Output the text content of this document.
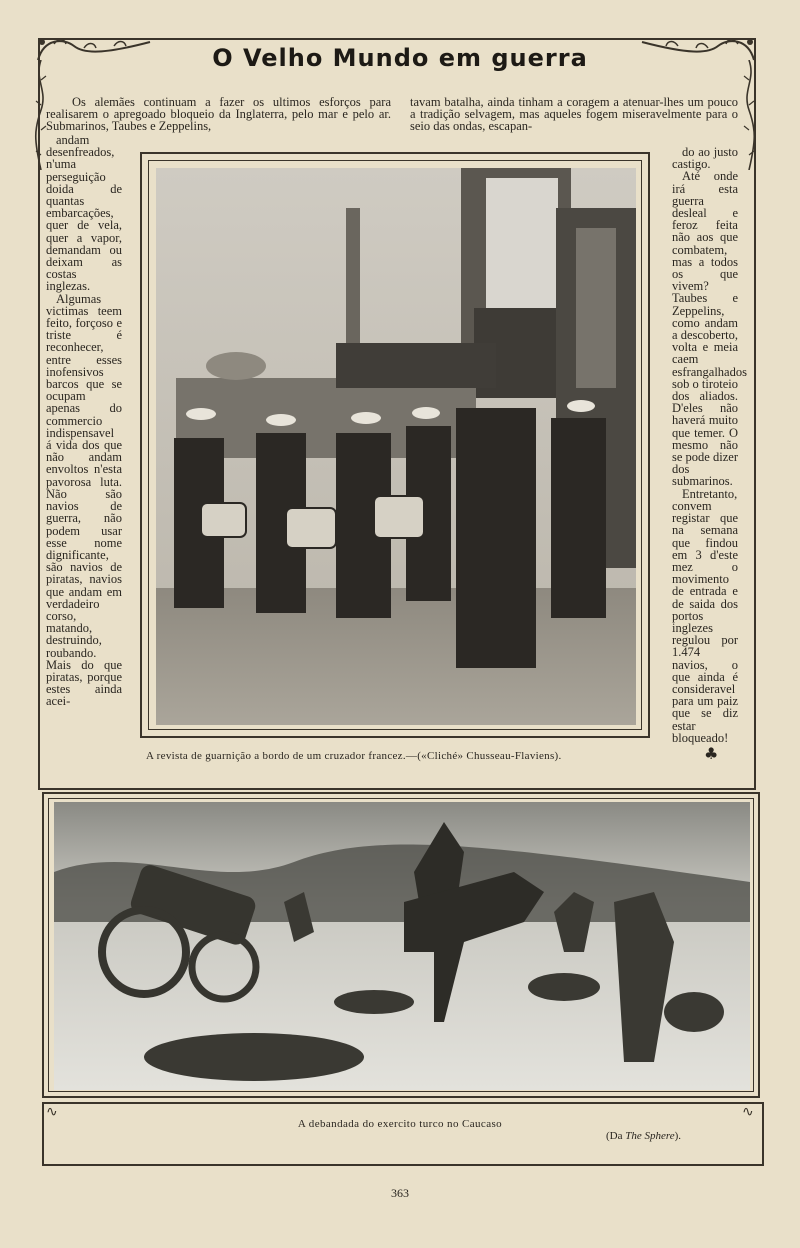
O Velho Mundo em guerra

Os alemães continuam a fazer os ultimos esforços para realisarem o apregoado bloqueio da Inglaterra, pelo mar e pelo ar. Submarinos, Taubes e Zeppelins,

tavam batalha, ainda tinham a coragem a atenuar-lhes um pouco a tradição selvagem, mas aqueles fogem miseravelmente para o seio das ondas, escapan-

andam desenfreados, n'uma perseguição doida de quantas embarcações, quer de vela, quer a vapor, demandam ou deixam as costas inglezas.

Algumas victimas teem feito, forçoso e triste é reconhecer, entre esses inofensivos barcos que se ocupam apenas do commercio indispensavel á vida dos que não andam envoltos n'esta pavorosa luta. Não são navios de guerra, não podem usar esse nome dignificante, são navios de piratas, navios que andam em verdadeiro corso, matando, destruindo, roubando. Mais do que piratas, porque estes ainda acei-

do ao justo castigo.

Até onde irá esta guerra desleal e feroz feita não aos que combatem, mas a todos os que vivem? Taubes e Zeppelins, como andam a descoberto, volta e meia caem esfrangalhados sob o tiroteio dos aliados. D'eles não haverá muito que temer. O mesmo não se pode dizer dos submarinos.

Entretanto, convem registar que na semana que findou em 3 d'este mez o movimento de entrada e de saida dos portos inglezes regulou por 1.474 navios, o que ainda é consideravel para um paiz que se diz estar bloqueado!

A revista de guarnição a bordo de um cruzador francez.—(«Cliché» Chusseau-Flaviens).	♣
∿	∿
A debandada do exercito turco no Caucaso
(Da The Sphere).
363
